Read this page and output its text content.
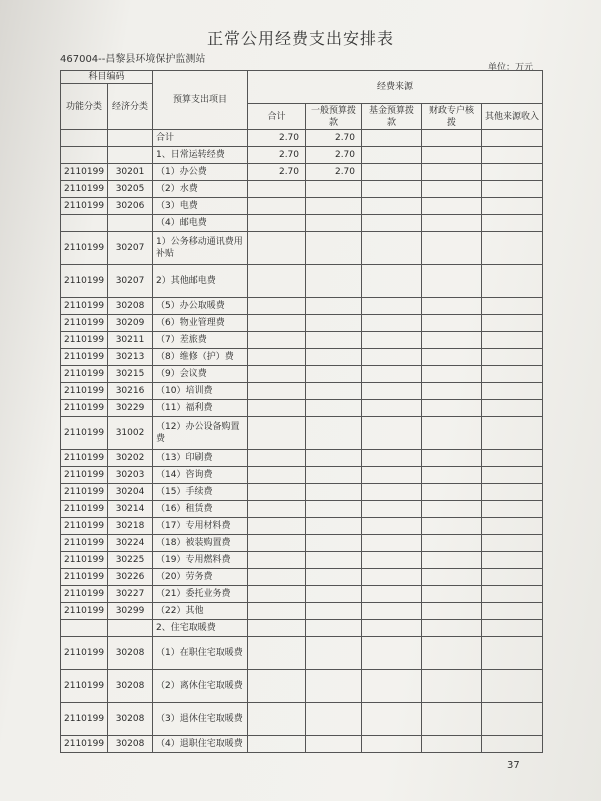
正常公用经费支出安排表
467004--昌黎县环境保护监测站
单位：万元
科目编码		预算支出项目	经费来源				
功能分类	经济分类						
			合计	一般预算拨款	基金预算拨款	财政专户核拨	其他来源收入
		合计	2.70	2.70			
		1、日常运转经费	2.70	2.70			
2110199	30201	（1）办公费	2.70	2.70			
2110199	30205	（2）水费					
2110199	30206	（3）电费					
		（4）邮电费					
2110199	30207	1）公务移动通讯费用补贴					
2110199	30207	2）其他邮电费					
2110199	30208	（5）办公取暖费					
2110199	30209	（6）物业管理费					
2110199	30211	（7）差旅费					
2110199	30213	（8）维修（护）费					
2110199	30215	（9）会议费					
2110199	30216	（10）培训费					
2110199	30229	（11）福利费					
2110199	31002	（12）办公设备购置费					
2110199	30202	（13）印刷费					
2110199	30203	（14）咨询费					
2110199	30204	（15）手续费					
2110199	30214	（16）租赁费					
2110199	30218	（17）专用材料费					
2110199	30224	（18）被装购置费					
2110199	30225	（19）专用燃料费					
2110199	30226	（20）劳务费					
2110199	30227	（21）委托业务费					
2110199	30299	（22）其他					
		2、住宅取暖费					
2110199	30208	（1）在职住宅取暖费					
2110199	30208	（2）离休住宅取暖费					
2110199	30208	（3）退休住宅取暖费					
2110199	30208	（4）退职住宅取暖费					
37
